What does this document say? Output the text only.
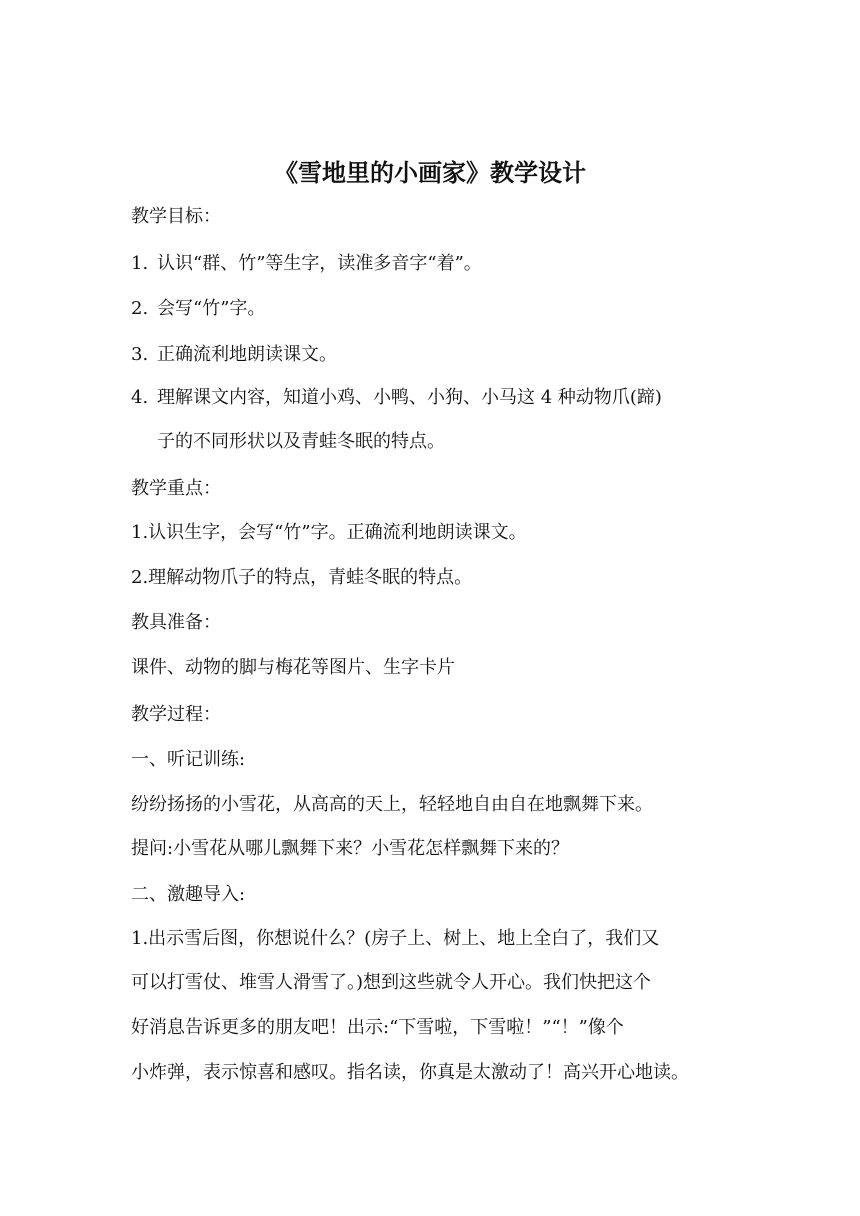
《雪地里的小画家》教学设计
教学目标：
1. 认识“群、竹”等生字，读准多音字“着”。
2. 会写“竹”字。
3. 正确流利地朗读课文。
4. 理解课文内容，知道小鸡、小鸭、小狗、小马这 4 种动物爪(蹄)
子的不同形状以及青蛙冬眠的特点。
教学重点：
1.认识生字，会写“竹”字。正确流利地朗读课文。
2.理解动物爪子的特点，青蛙冬眠的特点。
教具准备：
课件、动物的脚与梅花等图片、生字卡片
教学过程：
一、听记训练:
纷纷扬扬的小雪花，从高高的天上，轻轻地自由自在地飘舞下来。
提问:小雪花从哪儿飘舞下来？小雪花怎样飘舞下来的？
二、激趣导入:
1.出示雪后图，你想说什么？(房子上、树上、地上全白了，我们又
可以打雪仗、堆雪人滑雪了。)想到这些就令人开心。我们快把这个
好消息告诉更多的朋友吧！出示:“下雪啦，下雪啦！”“！”像个
小炸弹，表示惊喜和感叹。指名读，你真是太激动了！高兴开心地读。
